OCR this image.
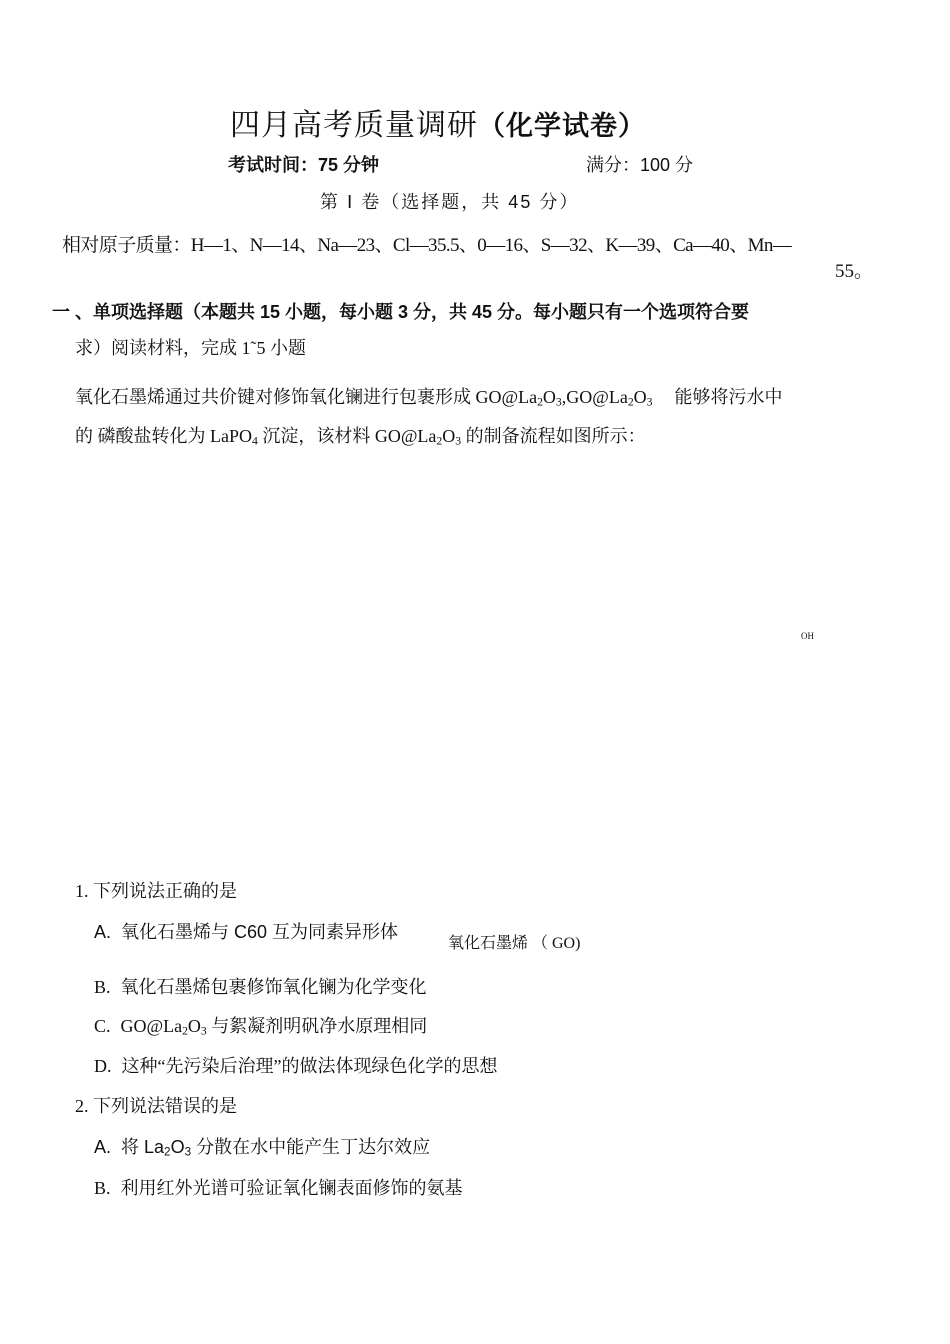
四月高考质量调研（化学试卷）
考试时间：75 分钟	满分：100 分
第 Ⅰ 卷（选择题，共 45 分）
相对原子质量：H—1、N—14、Na—23、Cl—35.5、0—16、S—32、K—39、Ca—40、Mn—
55。
一 、单项选择题（本题共 15 小题，每小题 3 分，共 45 分。每小题只有一个选项符合要
求）阅读材料，完成 1˜5 小题
氧化石墨烯通过共价键对修饰氧化镧进行包裹形成 $GO@La_2O_3,GO@La_2O_3$ 能够将污水中
的 磷酸盐转化为 LaPO$_4$ 沉淀，该材料 $GO@La_2O_3$ 的制备流程如图所示：
OH
1. 下列说法正确的是
A. 氧化石墨烯与 C60 互为同素异形体
氧化石墨烯 （ GO)
B. 氧化石墨烯包裹修饰氧化镧为化学变化
C. $GO@La_2O_3$ 与絮凝剂明矾净水原理相同
D. 这种“先污染后治理”的做法体现绿色化学的思想
2. 下列说法错误的是
A. 将 $La_2O_3$ 分散在水中能产生丁达尔效应
B. 利用红外光谱可验证氧化镧表面修饰的氨基
